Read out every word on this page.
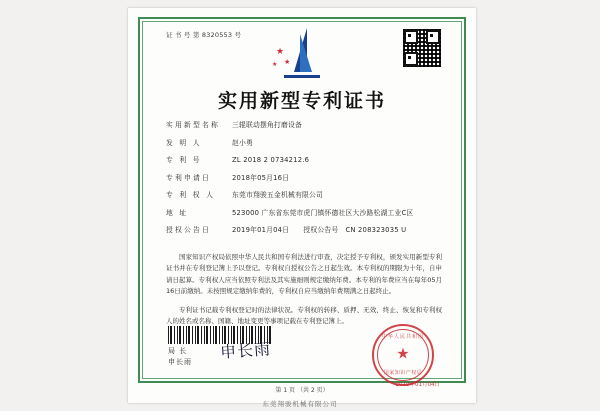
证 书 号 第 8320553 号
★
★
★
实用新型专利证书
实用新型名称	三辊联动摆角打磨设备
发 明 人	赵小勇
专 利 号	ZL 2018 2 0734212.6
专利申请日	2018年05月16日
专 利 权 人	东莞市翔骏五金机械有限公司
地 址	523000 广东省东莞市虎门镇怀德社区大沙路松湖工业C区
授权公告日	2019年01月04日 授权公告号 CN 208323035 U

国家知识产权局依照中华人民共和国专利法进行审查，决定授予专利权，颁发实用新型专利证书并在专利登记簿上予以登记。专利权自授权公告之日起生效。本专利权的期限为十年，自申请日起算。专利权人应当依照专利法及其实施细则规定缴纳年费。本专利的年费应当在每年05月16日前缴纳。未按照规定缴纳年费的，专利权自应当缴纳年费期满之日起终止。

专利证书记载专利权登记时的法律状况。专利权的转移、质押、无效、终止、恢复和专利权人的姓名或名称、国籍、地址变更等事项记载在专利登记簿上。

局 长
申长雨 申长雨
中华人民共和国
★
国家知识产权局
2019年01月04日
第 1 页 （共 2 页）
东莞翔骏机械有限公司
